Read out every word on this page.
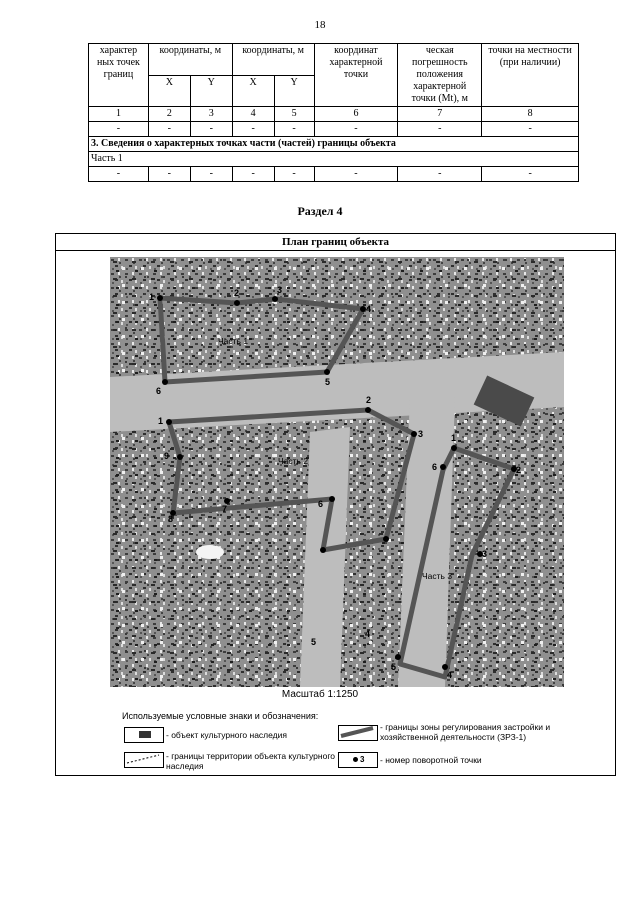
18
характер ных точек границ	координаты, м		координаты, м		координат характерной точки	ческая погрешность положения характерной точки (Mt), м	точки на местности (при наличии)
	X	Y	X	Y			
1	2	3	4	5	6	7	8
-	-	-	-	-	-	-	-
3. Сведения о характерных точках части (частей) границы объекта							
Часть 1							
-	-	-	-	-	-	-	-
Раздел 4
План границ объекта
1	2	3
4
5
6
Часть 1
1
2
3
4
5
6
7
8
9	Часть 2
1
2
3
4
5
6
Часть 3
Масштаб 1:1250
Используемые условные знаки и обозначения:
- объект культурного наследия
- границы территории объекта культурного наследия
- границы зоны регулирования застройки и хозяйственной деятельности (ЗРЗ-1)
3 - номер поворотной точки
